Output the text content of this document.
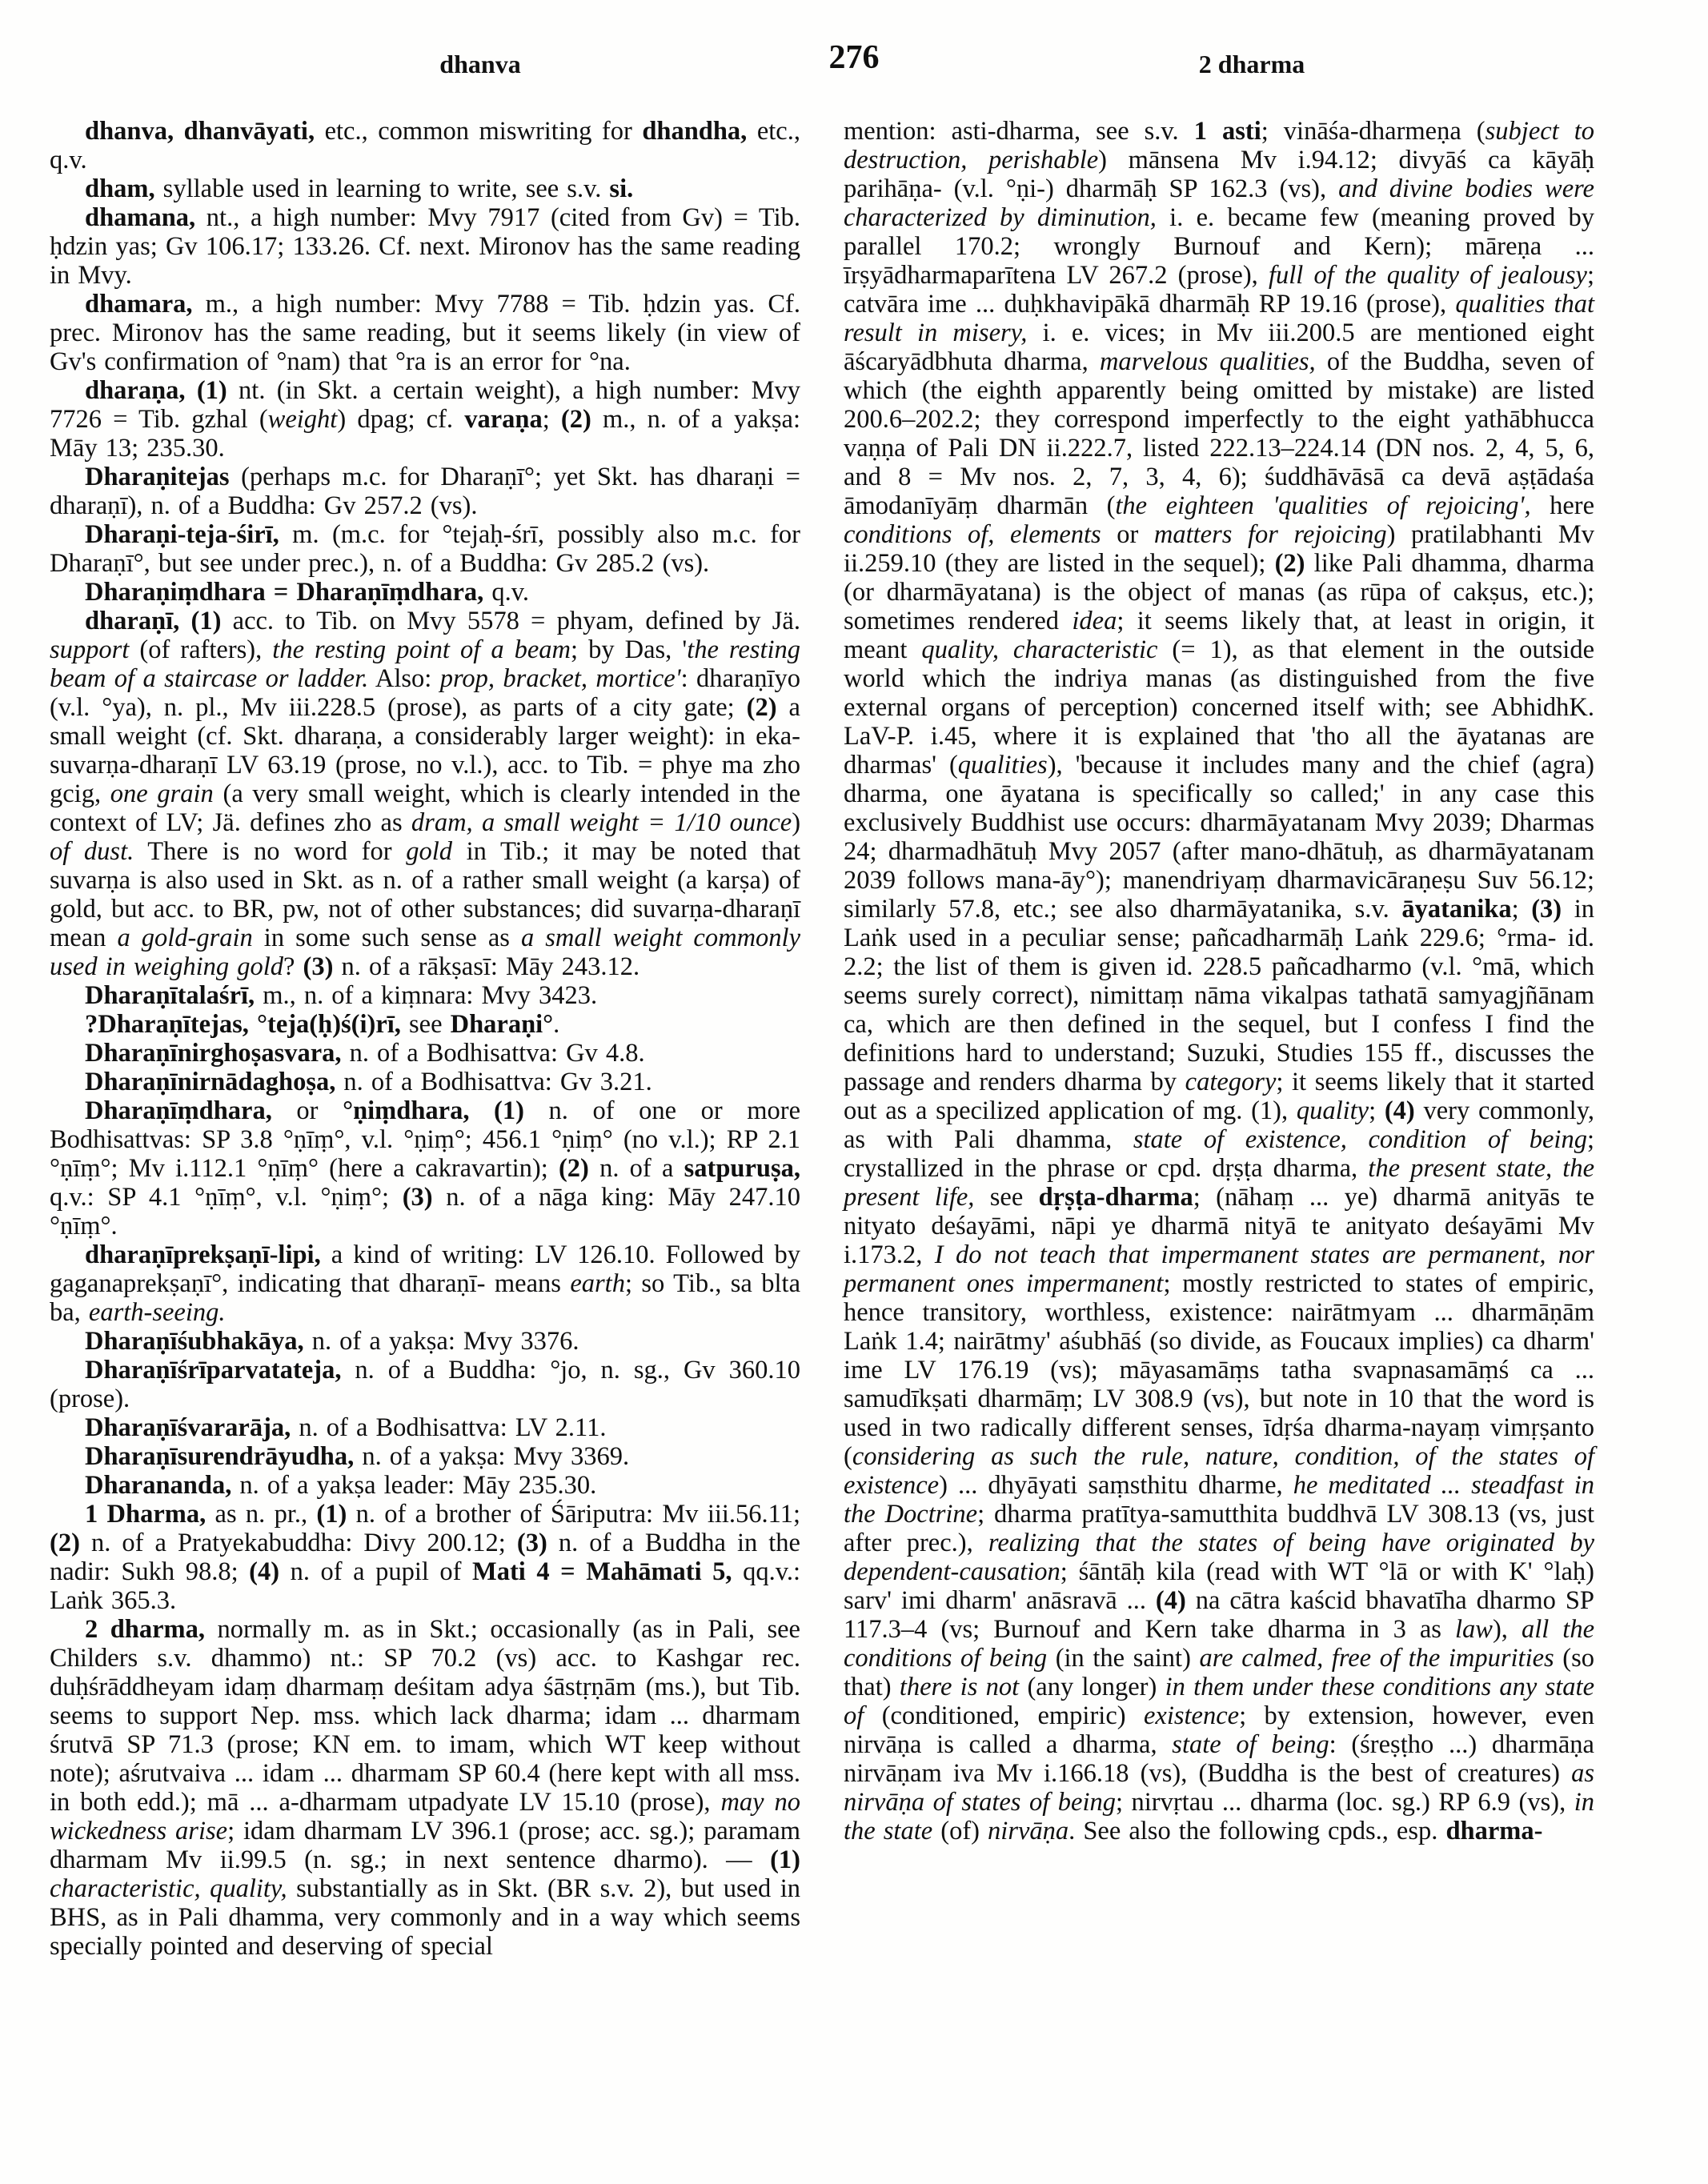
dhanva	276	2 dharma

dhanva, dhanvāyati, etc., common miswriting for dhandha, etc., q.v.

dham, syllable used in learning to write, see s.v. si.

dhamana, nt., a high number: Mvy 7917 (cited from Gv) = Tib. ḥdzin yas; Gv 106.17; 133.26. Cf. next. Mironov has the same reading in Mvy.

dhamara, m., a high number: Mvy 7788 = Tib. ḥdzin yas. Cf. prec. Mironov has the same reading, but it seems likely (in view of Gv's confirmation of °nam) that °ra is an error for °na.

dharaṇa, (1) nt. (in Skt. a certain weight), a high number: Mvy 7726 = Tib. gzhal (weight) dpag; cf. varaṇa; (2) m., n. of a yakṣa: Māy 13; 235.30.

Dharaṇitejas (perhaps m.c. for Dharaṇī°; yet Skt. has dharaṇi = dharaṇī), n. of a Buddha: Gv 257.2 (vs).

Dharaṇi-teja-śirī, m. (m.c. for °tejaḥ-śrī, possibly also m.c. for Dharaṇī°, but see under prec.), n. of a Buddha: Gv 285.2 (vs).

Dharaṇiṃdhara = Dharaṇīṃdhara, q.v.

dharaṇī, (1) acc. to Tib. on Mvy 5578 = phyam, defined by Jä. support (of rafters), the resting point of a beam; by Das, 'the resting beam of a staircase or ladder. Also: prop, bracket, mortice': dharaṇīyo (v.l. °ya), n. pl., Mv iii.228.5 (prose), as parts of a city gate; (2) a small weight (cf. Skt. dharaṇa, a considerably larger weight): in eka-suvarṇa-dharaṇī LV 63.19 (prose, no v.l.), acc. to Tib. = phye ma zho gcig, one grain (a very small weight, which is clearly intended in the context of LV; Jä. defines zho as dram, a small weight = 1/10 ounce) of dust. There is no word for gold in Tib.; it may be noted that suvarṇa is also used in Skt. as n. of a rather small weight (a karṣa) of gold, but acc. to BR, pw, not of other substances; did suvarṇa-dharaṇī mean a gold-grain in some such sense as a small weight commonly used in weighing gold? (3) n. of a rākṣasī: Māy 243.12.

Dharaṇītalaśrī, m., n. of a kiṃnara: Mvy 3423.

?Dharaṇītejas, °teja(ḥ)ś(i)rī, see Dharaṇi°.

Dharaṇīnirghoṣasvara, n. of a Bodhisattva: Gv 4.8.

Dharaṇīnirnādaghoṣa, n. of a Bodhisattva: Gv 3.21.

Dharaṇīṃdhara, or °ṇiṃdhara, (1) n. of one or more Bodhisattvas: SP 3.8 °ṇīṃ°, v.l. °ṇiṃ°; 456.1 °ṇiṃ° (no v.l.); RP 2.1 °ṇīṃ°; Mv i.112.1 °ṇīṃ° (here a cakravartin); (2) n. of a satpuruṣa, q.v.: SP 4.1 °ṇīṃ°, v.l. °ṇiṃ°; (3) n. of a nāga king: Māy 247.10 °ṇīṃ°.

dharaṇīprekṣaṇī-lipi, a kind of writing: LV 126.10. Followed by gaganaprekṣaṇī°, indicating that dharaṇī- means earth; so Tib., sa blta ba, earth-seeing.

Dharaṇīśubhakāya, n. of a yakṣa: Mvy 3376.

Dharaṇīśrīparvatateja, n. of a Buddha: °jo, n. sg., Gv 360.10 (prose).

Dharaṇīśvararāja, n. of a Bodhisattva: LV 2.11.

Dharaṇīsurendrāyudha, n. of a yakṣa: Mvy 3369.

Dharananda, n. of a yakṣa leader: Māy 235.30.

1 Dharma, as n. pr., (1) n. of a brother of Śāriputra: Mv iii.56.11; (2) n. of a Pratyekabuddha: Divy 200.12; (3) n. of a Buddha in the nadir: Sukh 98.8; (4) n. of a pupil of Mati 4 = Mahāmati 5, qq.v.: Laṅk 365.3.

2 dharma, normally m. as in Skt.; occasionally (as in Pali, see Childers s.v. dhammo) nt.: SP 70.2 (vs) acc. to Kashgar rec. duḥśrāddheyam idaṃ dharmaṃ deśitam adya śāstṛṇām (ms.), but Tib. seems to support Nep. mss. which lack dharma; idam ... dharmam śrutvā SP 71.3 (prose; KN em. to imam, which WT keep without note); aśrutvaiva ... idam ... dharmam SP 60.4 (here kept with all mss. in both edd.); mā ... a-dharmam utpadyate LV 15.10 (prose), may no wickedness arise; idam dharmam LV 396.1 (prose; acc. sg.); paramam dharmam Mv ii.99.5 (n. sg.; in next sentence dharmo). — (1) characteristic, quality, substantially as in Skt. (BR s.v. 2), but used in BHS, as in Pali dhamma, very commonly and in a way which seems specially pointed and deserving of special

mention: asti-dharma, see s.v. 1 asti; vināśa-dharmeṇa (subject to destruction, perishable) mānsena Mv i.94.12; divyāś ca kāyāḥ parihāṇa- (v.l. °ṇi-) dharmāḥ SP 162.3 (vs), and divine bodies were characterized by diminution, i. e. became few (meaning proved by parallel 170.2; wrongly Burnouf and Kern); māreṇa ... īrṣyādharmaparītena LV 267.2 (prose), full of the quality of jealousy; catvāra ime ... duḥkhavipākā dharmāḥ RP 19.16 (prose), qualities that result in misery, i. e. vices; in Mv iii.200.5 are mentioned eight āścaryādbhuta dharma, marvelous qualities, of the Buddha, seven of which (the eighth apparently being omitted by mistake) are listed 200.6–202.2; they correspond imperfectly to the eight yathābhucca vaṇṇa of Pali DN ii.222.7, listed 222.13–224.14 (DN nos. 2, 4, 5, 6, and 8 = Mv nos. 2, 7, 3, 4, 6); śuddhāvāsā ca devā aṣṭādaśa āmodanīyāṃ dharmān (the eighteen 'qualities of rejoicing', here conditions of, elements or matters for rejoicing) pratilabhanti Mv ii.259.10 (they are listed in the sequel); (2) like Pali dhamma, dharma (or dharmāyatana) is the object of manas (as rūpa of cakṣus, etc.); sometimes rendered idea; it seems likely that, at least in origin, it meant quality, characteristic (= 1), as that element in the outside world which the indriya manas (as distinguished from the five external organs of perception) concerned itself with; see AbhidhK. LaV-P. i.45, where it is explained that 'tho all the āyatanas are dharmas' (qualities), 'because it includes many and the chief (agra) dharma, one āyatana is specifically so called;' in any case this exclusively Buddhist use occurs: dharmāyatanam Mvy 2039; Dharmas 24; dharmadhātuḥ Mvy 2057 (after mano-dhātuḥ, as dharmāyatanam 2039 follows mana-āy°); manendriyaṃ dharmavicāraṇeṣu Suv 56.12; similarly 57.8, etc.; see also dharmāyatanika, s.v. āyatanika; (3) in Laṅk used in a peculiar sense; pañcadharmāḥ Laṅk 229.6; °rma- id. 2.2; the list of them is given id. 228.5 pañcadharmo (v.l. °mā, which seems surely correct), nimittaṃ nāma vikalpas tathatā samyagjñānam ca, which are then defined in the sequel, but I confess I find the definitions hard to understand; Suzuki, Studies 155 ff., discusses the passage and renders dharma by category; it seems likely that it started out as a specilized application of mg. (1), quality; (4) very commonly, as with Pali dhamma, state of existence, condition of being; crystallized in the phrase or cpd. dṛṣṭa dharma, the present state, the present life, see dṛṣṭa-dharma; (nāhaṃ ... ye) dharmā anityās te nityato deśayāmi, nāpi ye dharmā nityā te anityato deśayāmi Mv i.173.2, I do not teach that impermanent states are permanent, nor permanent ones impermanent; mostly restricted to states of empiric, hence transitory, worthless, existence: nairātmyam ... dharmāṇām Laṅk 1.4; nairātmy' aśubhāś (so divide, as Foucaux implies) ca dharm' ime LV 176.19 (vs); māyasamāṃs tatha svapnasamāṃś ca ... samudīkṣati dharmāṃ; LV 308.9 (vs), but note in 10 that the word is used in two radically different senses, īdṛśa dharma-nayaṃ vimṛṣanto (considering as such the rule, nature, condition, of the states of existence) ... dhyāyati saṃsthitu dharme, he meditated ... steadfast in the Doctrine; dharma pratītya-samutthita buddhvā LV 308.13 (vs, just after prec.), realizing that the states of being have originated by dependent-causation; śāntāḥ kila (read with WT °lā or with K' °laḥ) sarv' imi dharm' anāsravā ... (4) na cātra kaścid bhavatīha dharmo SP 117.3–4 (vs; Burnouf and Kern take dharma in 3 as law), all the conditions of being (in the saint) are calmed, free of the impurities (so that) there is not (any longer) in them under these conditions any state of (conditioned, empiric) existence; by extension, however, even nirvāṇa is called a dharma, state of being: (śreṣṭho ...) dharmāṇa nirvāṇam iva Mv i.166.18 (vs), (Buddha is the best of creatures) as nirvāṇa of states of being; nirvṛtau ... dharma (loc. sg.) RP 6.9 (vs), in the state (of) nirvāṇa. See also the following cpds., esp. dharma-
